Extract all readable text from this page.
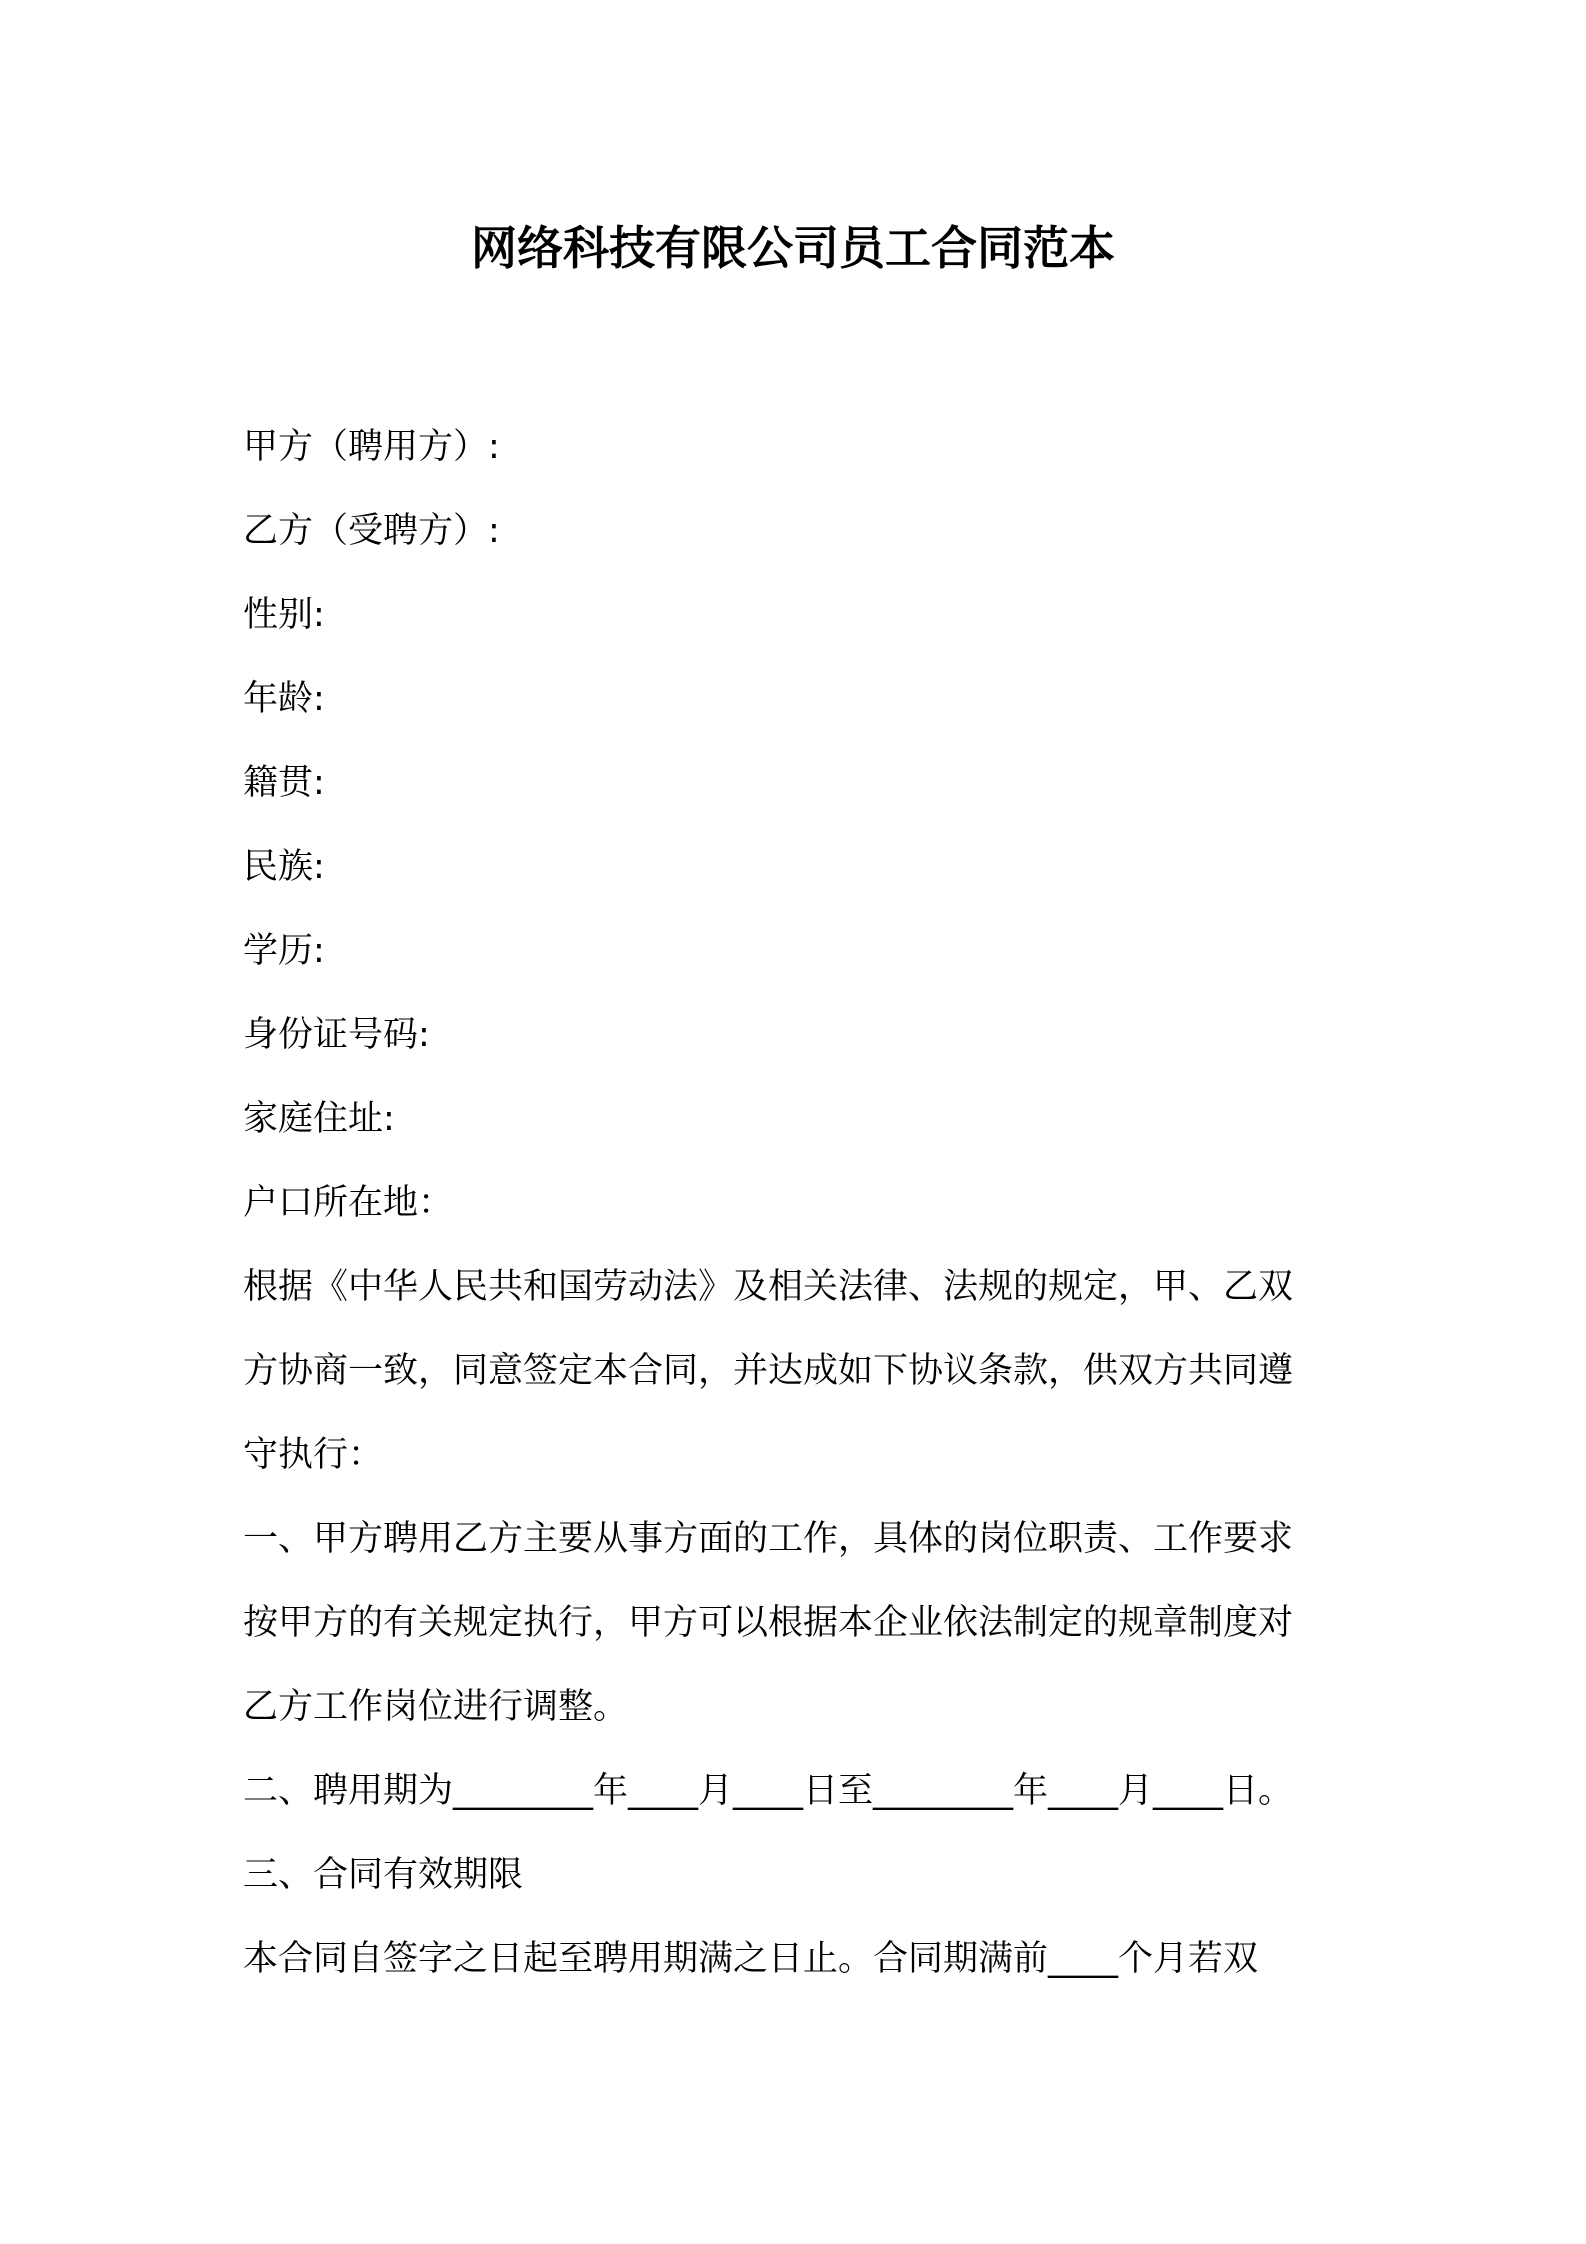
网络科技有限公司员工合同范本
甲方（聘用方）:
乙方（受聘方）:
性别:
年龄:
籍贯:
民族:
学历:
身份证号码:
家庭住址:
户口所在地：
根据《中华人民共和国劳动法》及相关法律、法规的规定，甲、乙双
方协商一致，同意签定本合同，并达成如下协议条款，供双方共同遵
守执行：
一、甲方聘用乙方主要从事方面的工作，具体的岗位职责、工作要求
按甲方的有关规定执行，甲方可以根据本企业依法制定的规章制度对
乙方工作岗位进行调整。
二、聘用期为________年____月____日至________年____月____日。
三、合同有效期限
本合同自签字之日起至聘用期满之日止。合同期满前____个月若双
